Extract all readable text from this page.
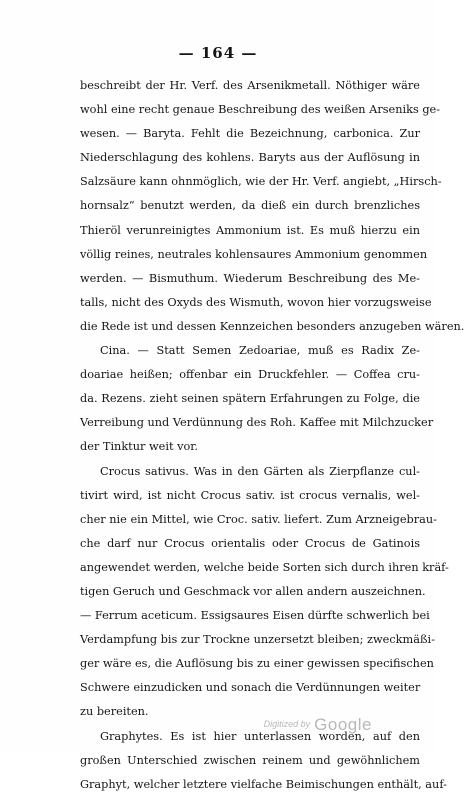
— 164 —
beschreibt der Hr. Verf. des Arsenikmetall. Nöthiger wäre
wohl eine recht genaue Beschreibung des weißen Arseniks ge-
wesen. — Baryta. Fehlt die Bezeichnung, carbonica. Zur
Niederschlagung des kohlens. Baryts aus der Auflösung in
Salzsäure kann ohnmöglich, wie der Hr. Verf. angiebt, „Hirsch-
hornsalz“ benutzt werden, da dieß ein durch brenzliches
Thieröl verunreinigtes Ammonium ist. Es muß hierzu ein
völlig reines, neutrales kohlensaures Ammonium genommen
werden. — Bismuthum. Wiederum Beschreibung des Me-
talls, nicht des Oxyds des Wismuth, wovon hier vorzugsweise
die Rede ist und dessen Kennzeichen besonders anzugeben wären.
Cina. — Statt Semen Zedoariae, muß es Radix Ze-
doariae heißen; offenbar ein Druckfehler. — Coffea cru-
da. Rezens. zieht seinen spätern Erfahrungen zu Folge, die
Verreibung und Verdünnung des Roh. Kaffee mit Milchzucker
der Tinktur weit vor.
Crocus sativus. Was in den Gärten als Zierpflanze cul-
tivirt wird, ist nicht Crocus sativ. ist crocus vernalis, wel-
cher nie ein Mittel, wie Croc. sativ. liefert. Zum Arzneigebrau-
che darf nur Crocus orientalis oder Crocus de Gatinois
angewendet werden, welche beide Sorten sich durch ihren kräf-
tigen Geruch und Geschmack vor allen andern auszeichnen.
— Ferrum aceticum. Essigsaures Eisen dürfte schwerlich bei
Verdampfung bis zur Trockne unzersetzt bleiben; zweckmäßi-
ger wäre es, die Auflösung bis zu einer gewissen specifischen
Schwere einzudicken und sonach die Verdünnungen weiter
zu bereiten.
Graphytes. Es ist hier unterlassen worden, auf den
großen Unterschied zwischen reinem und gewöhnlichem
Graphyt, welcher letztere vielfache Beimischungen enthält, auf-
Digitized by Google
